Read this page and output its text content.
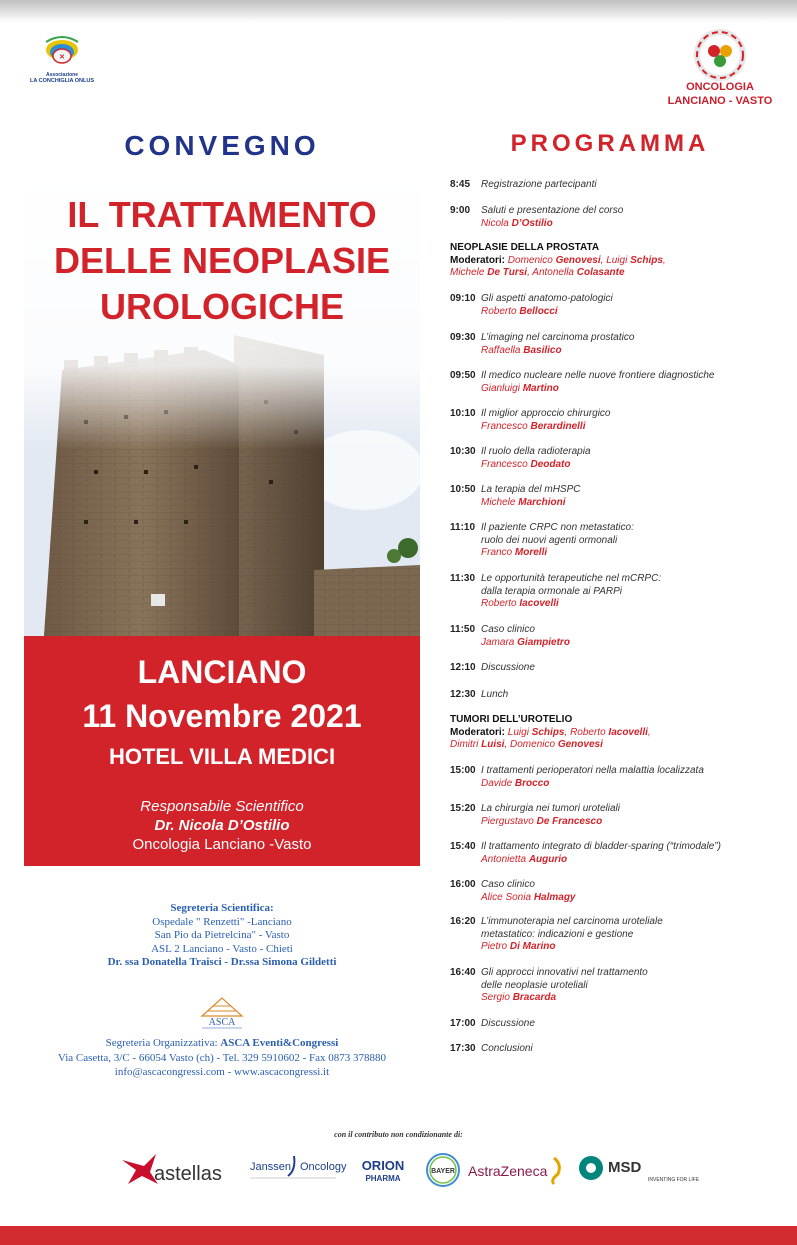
✕
Associazione
LA CONCHIGLIA ONLUS	ONCOLOGIA
LANCIANO - VASTO
CONVEGNO
IL TRATTAMENTO
DELLE NEOPLASIE
UROLOGICHE
LANCIANO
11 Novembre 2021
HOTEL VILLA MEDICI
Responsabile Scientifico
Dr. Nicola D’Ostilio
Oncologia Lanciano -Vasto
Segreteria Scientifica:
Ospedale " Renzetti" -Lanciano
San Pio da Pietrelcina" - Vasto
ASL 2 Lanciano - Vasto - Chieti
Dr. ssa Donatella Traisci - Dr.ssa Simona Gildetti
ASCA
Segreteria Organizzativa: ASCA Eventi&Congressi
Via Casetta, 3/C - 66054 Vasto (ch) - Tel. 329 5910602 - Fax 0873 378880
info@ascacongressi.com - www.ascacongressi.it
PROGRAMMA
8:45 Registrazione partecipanti
9:00 Saluti e presentazione del corso
Nicola D’Ostilio
NEOPLASIE DELLA PROSTATA
Moderatori: Domenico Genovesi, Luigi Schips,
Michele De Tursi, Antonella Colasante
09:10 Gli aspetti anatomo-patologici
Roberto Bellocci
09:30 L’imaging nel carcinoma prostatico
Raffaella Basilico
09:50 Il medico nucleare nelle nuove frontiere diagnostiche
Gianluigi Martino
10:10 Il miglior approccio chirurgico
Francesco Berardinelli
10:30 Il ruolo della radioterapia
Francesco Deodato
10:50 La terapia del mHSPC
Michele Marchioni
11:10 Il paziente CRPC non metastatico:
ruolo dei nuovi agenti ormonali
Franco Morelli
11:30 Le opportunità terapeutiche nel mCRPC:
dalla terapia ormonale ai PARPi
Roberto Iacovelli
11:50 Caso clinico
Jamara Giampietro
12:10 Discussione
12:30 Lunch
TUMORI DELL’UROTELIO
Moderatori: Luigi Schips, Roberto Iacovelli,
Dimitri Luisi, Domenico Genovesi
15:00 I trattamenti perioperatori nella malattia localizzata
Davide Brocco
15:20 La chirurgia nei tumori uroteliali
Piergustavo De Francesco
15:40 Il trattamento integrato di bladder-sparing (“trimodale”)
Antonietta Augurio
16:00 Caso clinico
Alice Sonia Halmagy
16:20 L’immunoterapia nel carcinoma uroteliale
metastatico: indicazioni e gestione
Pietro Di Marino
16:40 Gli approcci innovativi nel trattamento
delle neoplasie uroteliali
Sergio Bracarda
17:00 Discussione
17:30 Conclusioni
con il contributo non condizionante di:
astellas	Janssen Oncology ORION
PHARMA
BAYER AstraZeneca	MSD
INVENTING FOR LIFE
